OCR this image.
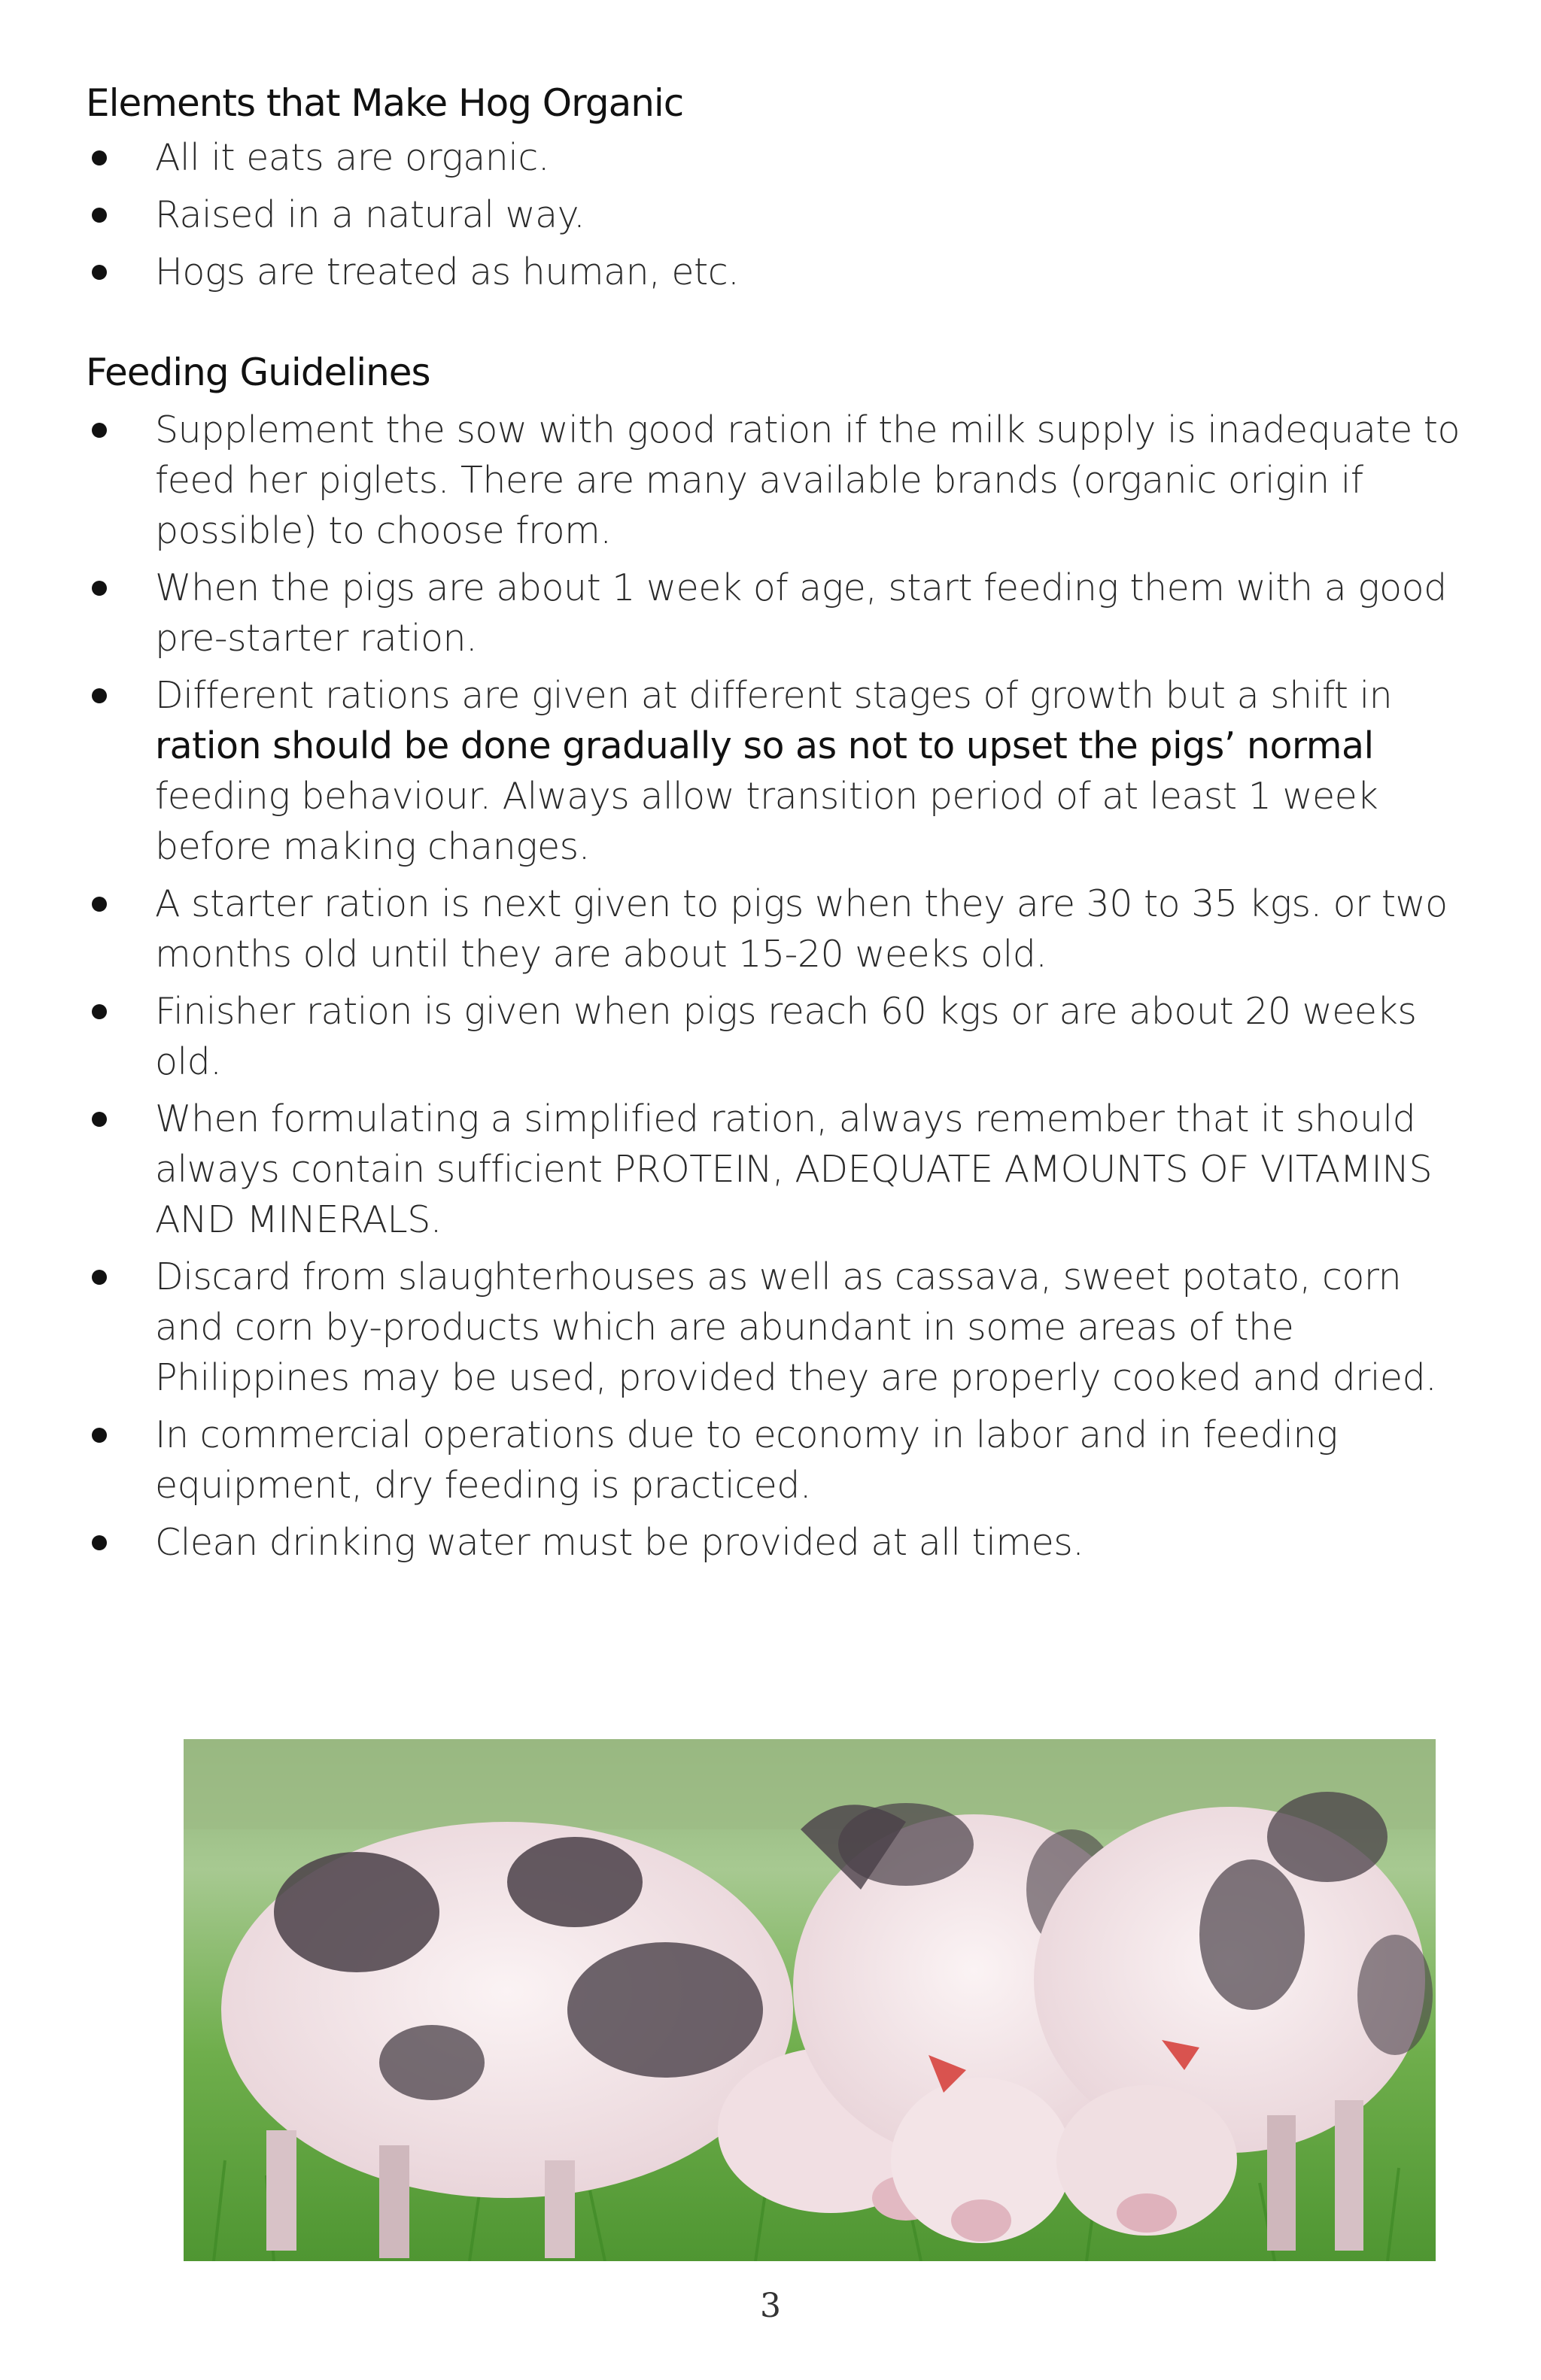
Elements that Make Hog Organic
All it eats are organic.
Raised in a natural way.
Hogs are treated as human, etc.
Feeding Guidelines
Supplement the sow with good ration if the milk supply is inadequate to feed her piglets. There are many available brands (organic origin if possible) to choose from.
When the pigs are about 1 week of age, start feeding them with a good pre-starter ration.
Different rations are given at different stages of growth but a shift in ration should be done gradually so as not to upset the pigs’ normal feeding behaviour. Always allow transition period of at least 1 week before making changes.
A starter ration is next given to pigs when they are 30 to 35 kgs. or two months old until they are about 15-20 weeks old.
Finisher ration is given when pigs reach 60 kgs or are about 20 weeks old.
When formulating a simplified ration, always remember that it should always contain sufficient PROTEIN, ADEQUATE AMOUNTS OF VITAMINS AND MINERALS.
Discard from slaughterhouses as well as cassava, sweet potato, corn and corn by-products which are abundant in some areas of the Philippines may be used, provided they are properly cooked and dried.
In commercial operations due to economy in labor and in feeding equipment, dry feeding is practiced.
Clean drinking water must be provided at all times.
3
